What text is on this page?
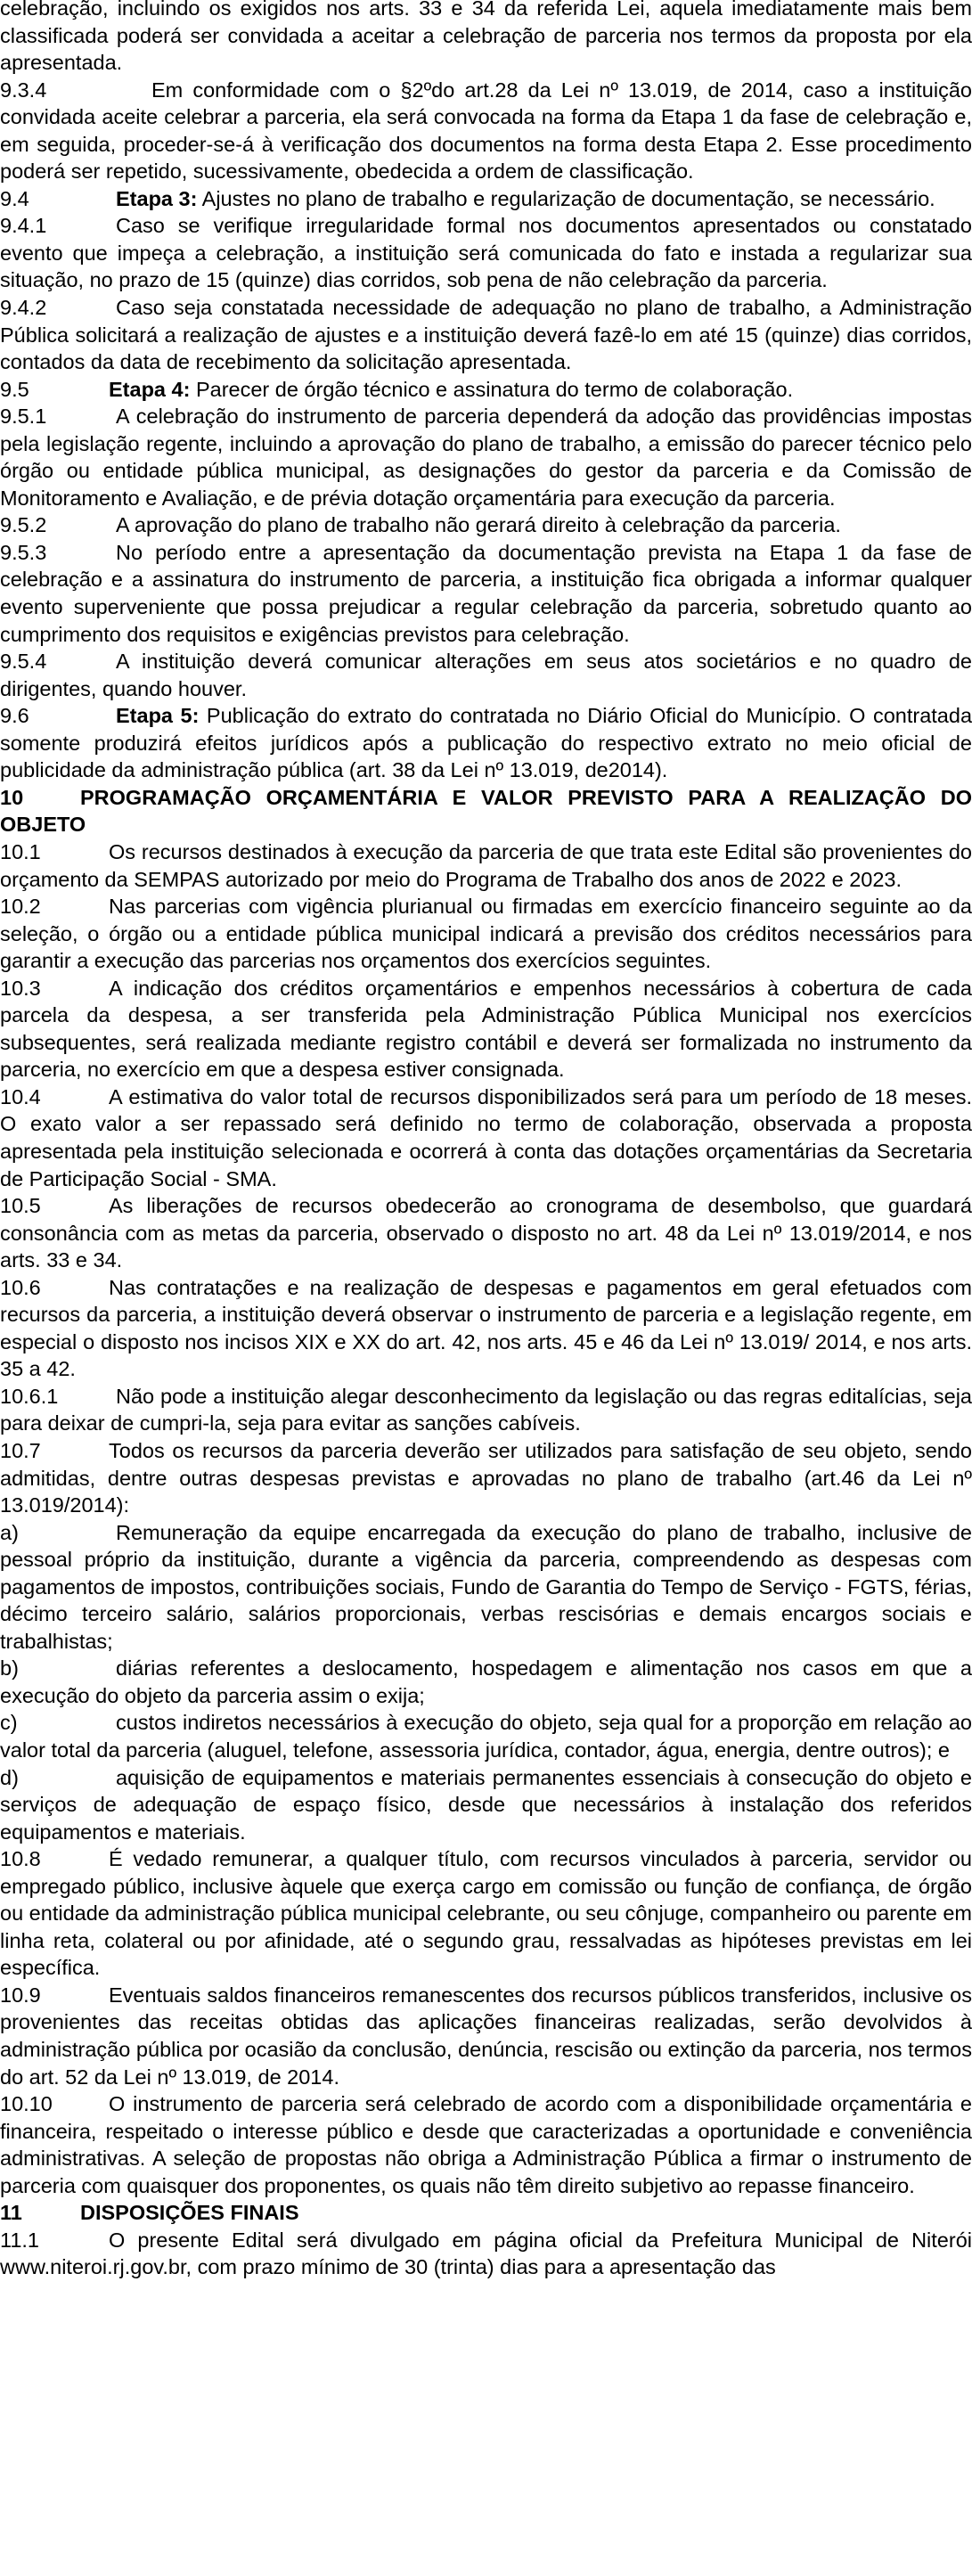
celebração, incluindo os exigidos nos arts. 33 e 34 da referida Lei, aquela imediatamente mais bem classificada poderá ser convidada a aceitar a celebração de parceria nos termos da proposta por ela apresentada.

9.3.4	Em conformidade com o §2ºdo art.28 da Lei nº 13.019, de 2014, caso a instituição convidada aceite celebrar a parceria, ela será convocada na forma da Etapa 1 da fase de celebração e, em seguida, proceder-se-á à verificação dos documentos na forma desta Etapa 2. Esse procedimento poderá ser repetido, sucessivamente, obedecida a ordem de classificação.

9.4	Etapa 3: Ajustes no plano de trabalho e regularização de documentação, se necessário.

9.4.1	Caso se verifique irregularidade formal nos documentos apresentados ou constatado evento que impeça a celebração, a instituição será comunicada do fato e instada a regularizar sua situação, no prazo de 15 (quinze) dias corridos, sob pena de não celebração da parceria.

9.4.2	Caso seja constatada necessidade de adequação no plano de trabalho, a Administração Pública solicitará a realização de ajustes e a instituição deverá fazê-lo em até 15 (quinze) dias corridos, contados da data de recebimento da solicitação apresentada.

9.5	Etapa 4: Parecer de órgão técnico e assinatura do termo de colaboração.

9.5.1	A celebração do instrumento de parceria dependerá da adoção das providências impostas pela legislação regente, incluindo a aprovação do plano de trabalho, a emissão do parecer técnico pelo órgão ou entidade pública municipal, as designações do gestor da parceria e da Comissão de Monitoramento e Avaliação, e de prévia dotação orçamentária para execução da parceria.

9.5.2	A aprovação do plano de trabalho não gerará direito à celebração da parceria.

9.5.3	No período entre a apresentação da documentação prevista na Etapa 1 da fase de celebração e a assinatura do instrumento de parceria, a instituição fica obrigada a informar qualquer evento superveniente que possa prejudicar a regular celebração da parceria, sobretudo quanto ao cumprimento dos requisitos e exigências previstos para celebração.

9.5.4	A instituição deverá comunicar alterações em seus atos societários e no quadro de dirigentes, quando houver.

9.6	Etapa 5: Publicação do extrato do contratada no Diário Oficial do Município. O contratada somente produzirá efeitos jurídicos após a publicação do respectivo extrato no meio oficial de publicidade da administração pública (art. 38 da Lei nº 13.019, de2014).

10	PROGRAMAÇÃO ORÇAMENTÁRIA E VALOR PREVISTO PARA A REALIZAÇÃO DO OBJETO

10.1	Os recursos destinados à execução da parceria de que trata este Edital são provenientes do orçamento da SEMPAS autorizado por meio do Programa de Trabalho dos anos de 2022 e 2023.

10.2	Nas parcerias com vigência plurianual ou firmadas em exercício financeiro seguinte ao da seleção, o órgão ou a entidade pública municipal indicará a previsão dos créditos necessários para garantir a execução das parcerias nos orçamentos dos exercícios seguintes.

10.3	A indicação dos créditos orçamentários e empenhos necessários à cobertura de cada parcela da despesa, a ser transferida pela Administração Pública Municipal nos exercícios subsequentes, será realizada mediante registro contábil e deverá ser formalizada no instrumento da parceria, no exercício em que a despesa estiver consignada.

10.4	A estimativa do valor total de recursos disponibilizados será para um período de 18 meses. O exato valor a ser repassado será definido no termo de colaboração, observada a proposta apresentada pela instituição selecionada e ocorrerá à conta das dotações orçamentárias da Secretaria de Participação Social - SMA.

10.5	As liberações de recursos obedecerão ao cronograma de desembolso, que guardará consonância com as metas da parceria, observado o disposto no art. 48 da Lei nº 13.019/2014, e nos arts. 33 e 34.

10.6	Nas contratações e na realização de despesas e pagamentos em geral efetuados com recursos da parceria, a instituição deverá observar o instrumento de parceria e a legislação regente, em especial o disposto nos incisos XIX e XX do art. 42, nos arts. 45 e 46 da Lei nº 13.019/ 2014, e nos arts. 35 a 42.

10.6.1	Não pode a instituição alegar desconhecimento da legislação ou das regras editalícias, seja para deixar de cumpri-la, seja para evitar as sanções cabíveis.

10.7	Todos os recursos da parceria deverão ser utilizados para satisfação de seu objeto, sendo admitidas, dentre outras despesas previstas e aprovadas no plano de trabalho (art.46 da Lei nº 13.019/2014):

a)	Remuneração da equipe encarregada da execução do plano de trabalho, inclusive de pessoal próprio da instituição, durante a vigência da parceria, compreendendo as despesas com pagamentos de impostos, contribuições sociais, Fundo de Garantia do Tempo de Serviço - FGTS, férias, décimo terceiro salário, salários proporcionais, verbas rescisórias e demais encargos sociais e trabalhistas;

b)	diárias referentes a deslocamento, hospedagem e alimentação nos casos em que a execução do objeto da parceria assim o exija;

c)	custos indiretos necessários à execução do objeto, seja qual for a proporção em relação ao valor total da parceria (aluguel, telefone, assessoria jurídica, contador, água, energia, dentre outros); e

d)	aquisição de equipamentos e materiais permanentes essenciais à consecução do objeto e serviços de adequação de espaço físico, desde que necessários à instalação dos referidos equipamentos e materiais.

10.8	É vedado remunerar, a qualquer título, com recursos vinculados à parceria, servidor ou empregado público, inclusive àquele que exerça cargo em comissão ou função de confiança, de órgão ou entidade da administração pública municipal celebrante, ou seu cônjuge, companheiro ou parente em linha reta, colateral ou por afinidade, até o segundo grau, ressalvadas as hipóteses previstas em lei específica.

10.9	Eventuais saldos financeiros remanescentes dos recursos públicos transferidos, inclusive os provenientes das receitas obtidas das aplicações financeiras realizadas, serão devolvidos à administração pública por ocasião da conclusão, denúncia, rescisão ou extinção da parceria, nos termos do art. 52 da Lei nº 13.019, de 2014.

10.10	O instrumento de parceria será celebrado de acordo com a disponibilidade orçamentária e financeira, respeitado o interesse público e desde que caracterizadas a oportunidade e conveniência administrativas. A seleção de propostas não obriga a Administração Pública a firmar o instrumento de parceria com quaisquer dos proponentes, os quais não têm direito subjetivo ao repasse financeiro.

11	DISPOSIÇÕES FINAIS

11.1	O presente Edital será divulgado em página oficial da Prefeitura Municipal de Niterói www.niteroi.rj.gov.br, com prazo mínimo de 30 (trinta) dias para a apresentação das
